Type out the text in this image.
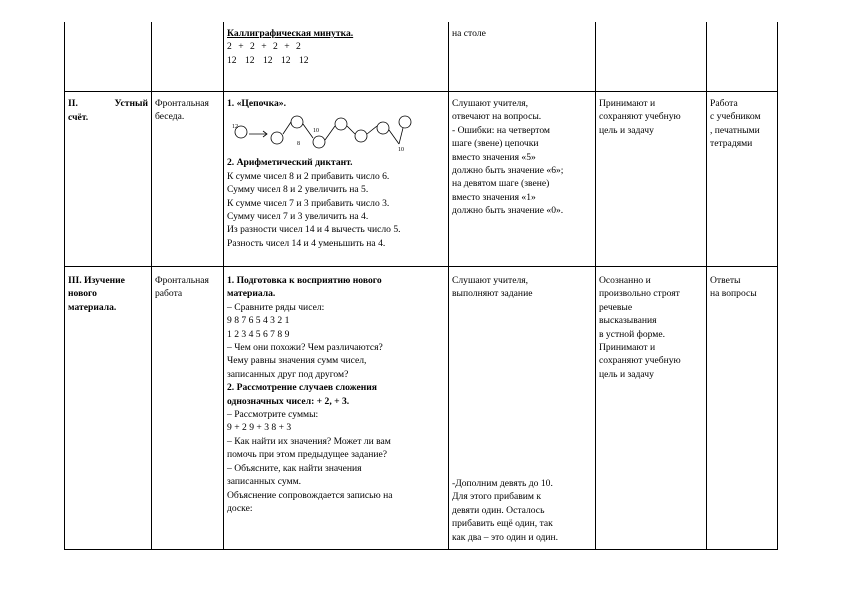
Каллиграфическая минутка.
2 + 2 + 2 + 2
12 12 12 12 12
на столе
II.	Устный
счёт.
Фронтальная
беседа.
1. «Цепочка».
12
8
10
10
2. Арифметический диктант.
К сумме чисел 8 и 2 прибавить число 6.
Сумму чисел 8 и 2 увеличить на 5.
К сумме чисел 7 и 3 прибавить число 3.
Сумму чисел 7 и 3 увеличить на 4.
Из разности чисел 14 и 4 вычесть число 5.
Разность чисел 14 и 4 уменьшить на 4.
Слушают учителя,
отвечают на вопросы.
- Ошибки: на четвертом
шаге (звене) цепочки
вместо значения «5»
должно быть значение «6»;
на девятом шаге (звене)
вместо значения «1»
должно быть значение «0».
Принимают и
сохраняют учебную
цель и задачу
Работа
с учебником
, печатными
тетрадями
III. Изучение
нового
материала.
Фронтальная
работа
1. Подготовка к восприятию нового
материала.
– Сравните ряды чисел:
9 8 7 6 5 4 3 2 1
1 2 3 4 5 6 7 8 9
– Чем они похожи? Чем различаются?
Чему равны значения сумм чисел,
записанных друг под другом?
2. Рассмотрение случаев сложения
однозначных чисел: + 2, + 3.
– Рассмотрите суммы:
9 + 2 9 + 3 8 + 3
– Как найти их значения? Может ли вам
помочь при этом предыдущее задание?
– Объясните, как найти значения
записанных сумм.
Объяснение сопровождается записью на
доске:
Слушают учителя,
выполняют задание
-Дополним девять до 10.
Для этого прибавим к
девяти один. Осталось
прибавить ещё один, так
как два – это один и один.
Осознанно и
произвольно строят
речевые
высказывания
в устной форме.
Принимают и
сохраняют учебную
цель и задачу
Ответы
на вопросы
